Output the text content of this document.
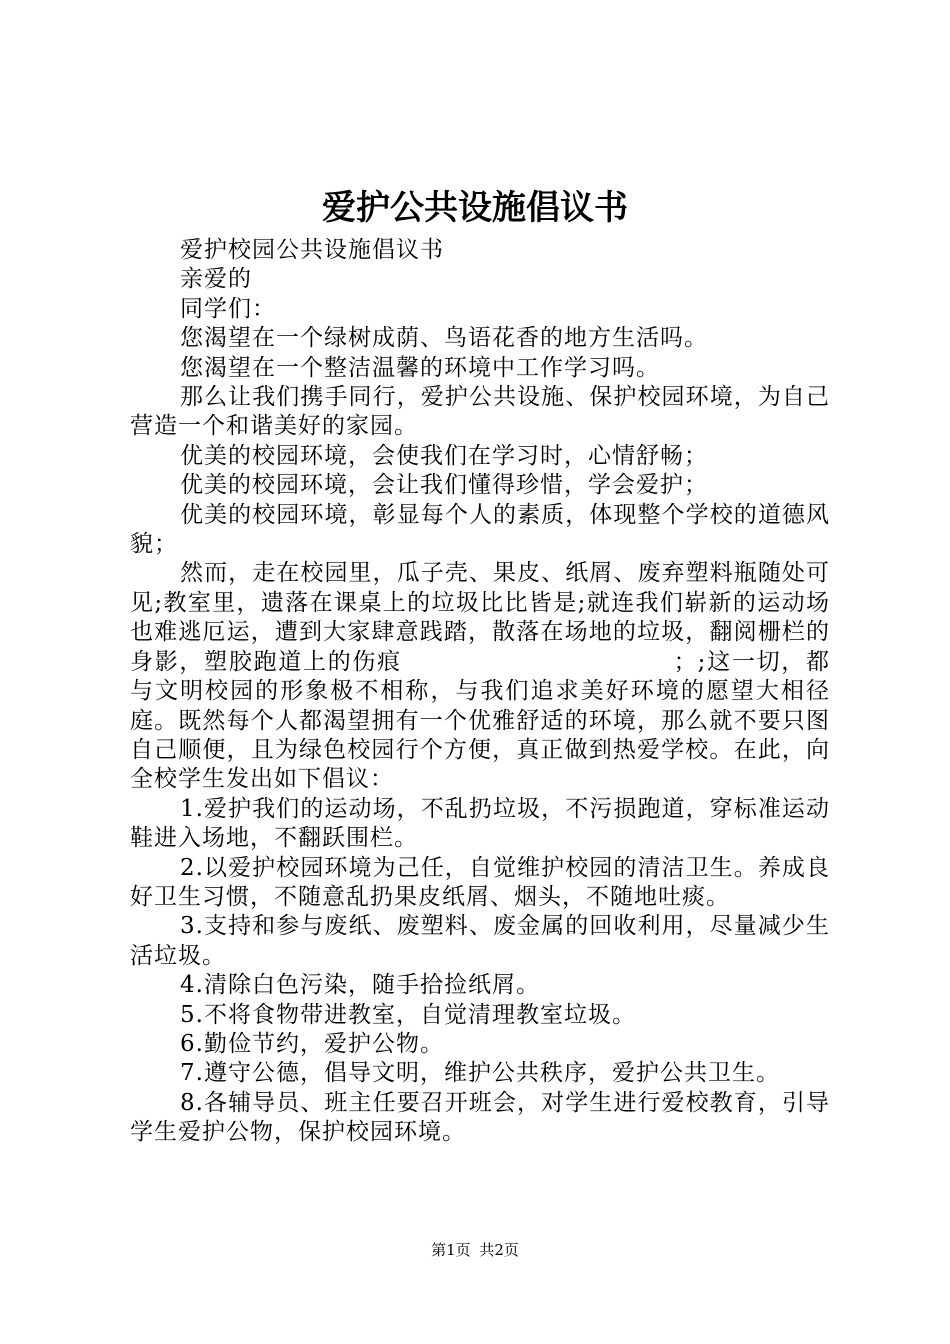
爱护公共设施倡议书

爱护校园公共设施倡议书

亲爱的

同学们：

您渴望在一个绿树成荫、鸟语花香的地方生活吗。

您渴望在一个整洁温馨的环境中工作学习吗。

那么让我们携手同行，爱护公共设施、保护校园环境，为自己营造一个和谐美好的家园。

优美的校园环境，会使我们在学习时，心情舒畅；

优美的校园环境，会让我们懂得珍惜，学会爱护；

优美的校园环境，彰显每个人的素质，体现整个学校的道德风貌；

然而，走在校园里，瓜子壳、果皮、纸屑、废弃塑料瓶随处可见;教室里，遗落在课桌上的垃圾比比皆是;就连我们崭新的运动场也难逃厄运，遭到大家肆意践踏，散落在场地的垃圾，翻阅栅栏的身影，塑胶跑道上的伤痕　　　　　　　　　　　；;这一切，都与文明校园的形象极不相称，与我们追求美好环境的愿望大相径庭。既然每个人都渴望拥有一个优雅舒适的环境，那么就不要只图自己顺便，且为绿色校园行个方便，真正做到热爱学校。在此，向全校学生发出如下倡议：

1.爱护我们的运动场，不乱扔垃圾，不污损跑道，穿标准运动鞋进入场地，不翻跃围栏。

2.以爱护校园环境为己任，自觉维护校园的清洁卫生。养成良好卫生习惯，不随意乱扔果皮纸屑、烟头，不随地吐痰。

3.支持和参与废纸、废塑料、废金属的回收利用，尽量减少生活垃圾。

4.清除白色污染，随手拾捡纸屑。

5.不将食物带进教室，自觉清理教室垃圾。

6.勤俭节约，爱护公物。

7.遵守公德，倡导文明，维护公共秩序，爱护公共卫生。

8.各辅导员、班主任要召开班会，对学生进行爱校教育，引导学生爱护公物，保护校园环境。

第1页 共2页
